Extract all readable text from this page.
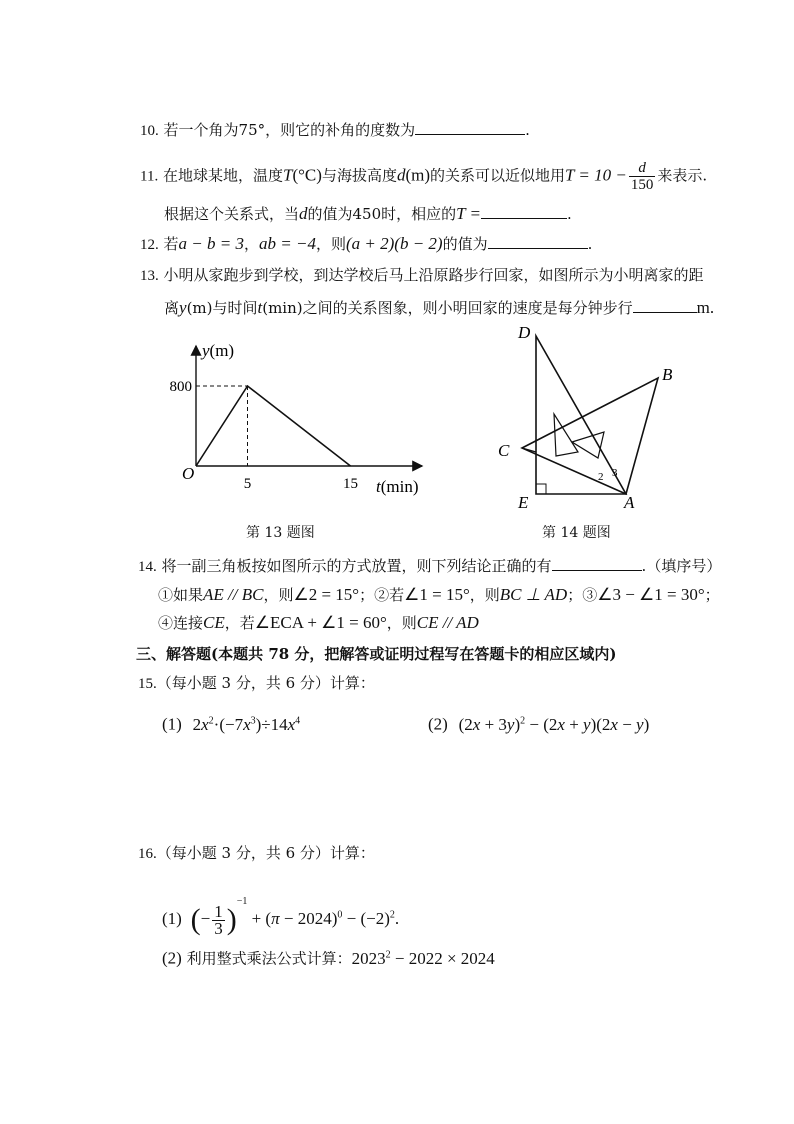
10. 若一个角为75°，则它的补角的度数为	.
11. 在地球某地，温度T(°C)与海拔高度d(m)的关系可以近似地用$T = 10 - \frac{d}{150}$ 来表示.
根据这个关系式，当d的值为450时，相应的T =	.
12. 若a − b = 3，ab = −4，则(a + 2)(b − 2)的值为	.
13. 小明从家跑步到学校，到达学校后马上沿原路步行回家，如图所示为小明离家的距
离y(m)与时间t(min)之间的关系图象，则小明回家的速度是每分钟步行	m.
O
800
5	15
y(m)
t(min)
D
B
C
E	A
2 3
第 13 题图	第 14 题图
14. 将一副三角板按如图所示的方式放置，则下列结论正确的有	.（填序号）
①如果AE // BC，则∠2 = 15°；②若∠1 = 15°，则BC ⊥ AD；③∠3 − ∠1 = 30°；
④连接CE，若∠ECA + ∠1 = 60°，则CE // AD
三、解答题(本题共 78 分，把解答或证明过程写在答题卡的相应区域内)
15.（每小题 3 分，共 6 分）计算：
(1) $2x^2\cdot(-7x^3)\div 14x^4$	(2) $(2x + 3y)^2 - (2x + y)(2x - y)$
16.（每小题 3 分，共 6 分）计算：
(1) (− $\frac{1}{3} )^{-1} + (\pi - 2024)^0 - (-2)^2$.
(2) 利用整式乘法公式计算：$2023^2 - 2022 \times 2024$
